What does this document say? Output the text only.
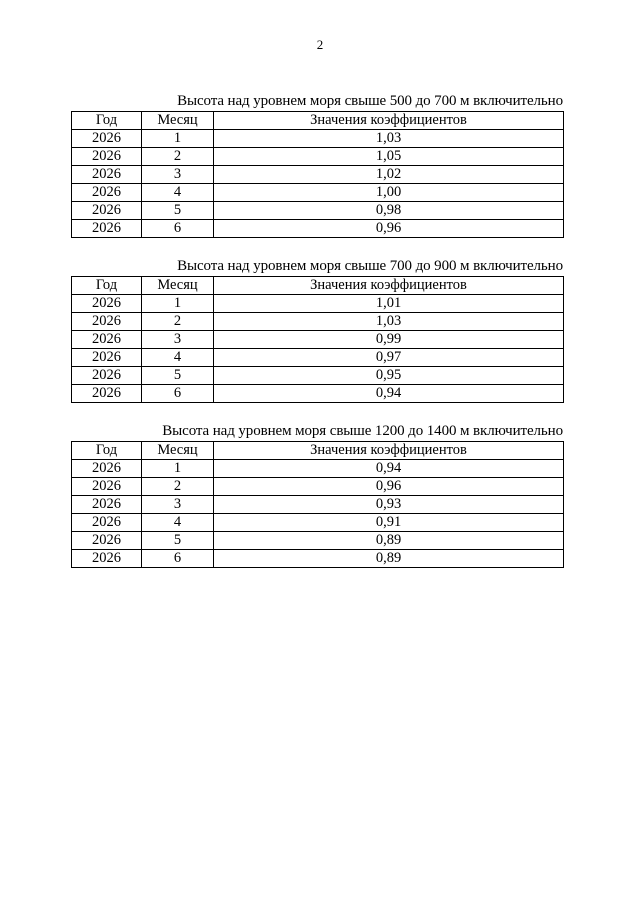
2
Высота над уровнем моря свыше 500 до 700 м включительно
Год	Месяц	Значения коэффициентов
2026	1	1,03
2026	2	1,05
2026	3	1,02
2026	4	1,00
2026	5	0,98
2026	6	0,96
Высота над уровнем моря свыше 700 до 900 м включительно
Год	Месяц	Значения коэффициентов
2026	1	1,01
2026	2	1,03
2026	3	0,99
2026	4	0,97
2026	5	0,95
2026	6	0,94
Высота над уровнем моря свыше 1200 до 1400 м включительно
Год	Месяц	Значения коэффициентов
2026	1	0,94
2026	2	0,96
2026	3	0,93
2026	4	0,91
2026	5	0,89
2026	6	0,89
